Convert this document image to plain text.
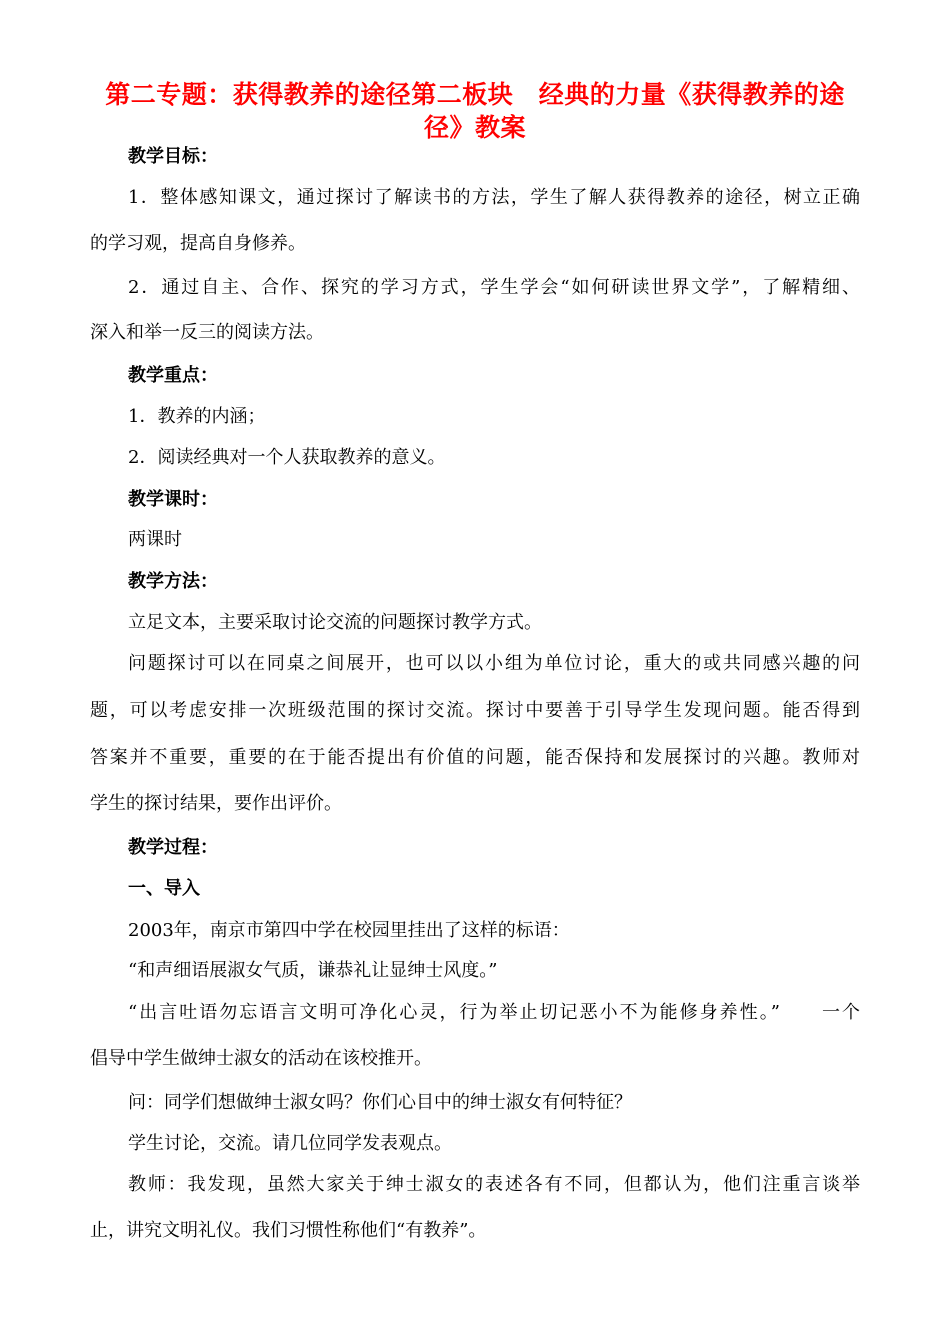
第二专题：获得教养的途径第二板块　经典的力量《获得教养的途径》教案
教学目标：
1．整体感知课文，通过探讨了解读书的方法，学生了解人获得教养的途径，树立正确
的学习观，提高自身修养。
2．通过自主、合作、探究的学习方式，学生学会“如何研读世界文学”，了解精细、
深入和举一反三的阅读方法。
教学重点：
1．教养的内涵；
2．阅读经典对一个人获取教养的意义。
教学课时：
两课时
教学方法：
立足文本，主要采取讨论交流的问题探讨教学方式。
问题探讨可以在同桌之间展开，也可以以小组为单位讨论，重大的或共同感兴趣的问
题，可以考虑安排一次班级范围的探讨交流。探讨中要善于引导学生发现问题。能否得到
答案并不重要，重要的在于能否提出有价值的问题，能否保持和发展探讨的兴趣。教师对
学生的探讨结果，要作出评价。
教学过程：
一、导入
2003年，南京市第四中学在校园里挂出了这样的标语：
“和声细语展淑女气质，谦恭礼让显绅士风度。”
“出言吐语勿忘语言文明可净化心灵，行为举止切记恶小不为能修身养性。”　　一个
倡导中学生做绅士淑女的活动在该校推开。
问：同学们想做绅士淑女吗？你们心目中的绅士淑女有何特征？
学生讨论，交流。请几位同学发表观点。
教师：我发现，虽然大家关于绅士淑女的表述各有不同，但都认为，他们注重言谈举
止，讲究文明礼仪。我们习惯性称他们“有教养”。
